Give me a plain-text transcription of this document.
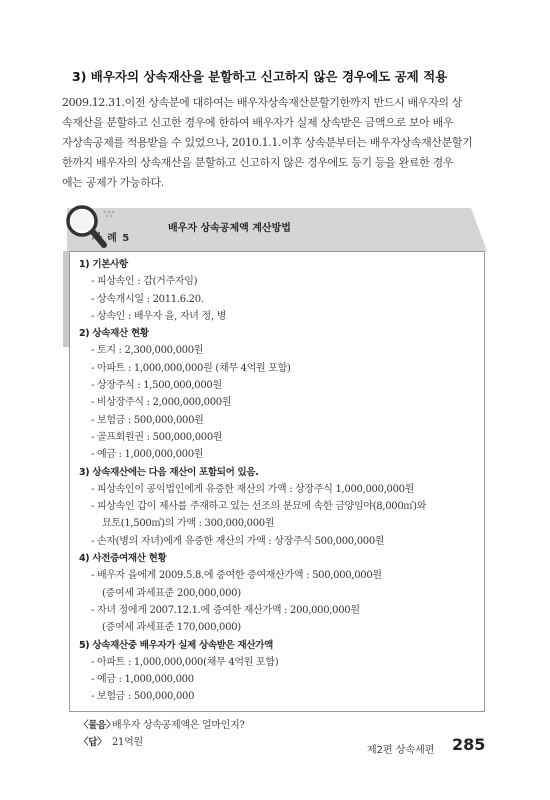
3) 배우자의 상속재산을 분할하고 신고하지 않은 경우에도 공제 적용
2009.12.31.이전 상속분에 대하여는 배우자상속재산분할기한까지 반드시 배우자의 상
속재산을 분할하고 신고한 경우에 한하여 배우자가 실제 상속받은 금액으로 보아 배우
자상속공제를 적용받을 수 있었으나, 2010.1.1.이후 상속분부터는 배우자상속재산분할기
한까지 배우자의 상속재산을 분할하고 신고하지 않은 경우에도 등기 등을 완료한 경우
에는 공제가 가능하다.
사 례 5
배우자 상속공제액 계산방법
1) 기본사항
- 피상속인 : 갑(거주자임)
- 상속개시일 : 2011.6.20.
- 상속인 : 배우자 을, 자녀 정, 병
2) 상속재산 현황
- 토지 : 2,300,000,000원
- 아파트 : 1,000,000,000원 (채무 4억원 포함)
- 상장주식 : 1,500,000,000원
- 비상장주식 : 2,000,000,000원
- 보험금 : 500,000,000원
- 골프회원권 : 500,000,000원
- 예금 : 1,000,000,000원
3) 상속재산에는 다음 재산이 포함되어 있음.
- 피상속인이 공익법인에게 유증한 재산의 가액 : 상장주식 1,000,000,000원
- 피상속인 갑이 제사를 주재하고 있는 선조의 분묘에 속한 금양임야(8,000㎡)와
묘토(1,500㎡)의 가액 : 300,000,000원
- 손자(병의 자녀)에게 유증한 재산의 가액 : 상장주식 500,000,000원
4) 사전증여재산 현황
- 배우자 을에게 2009.5.8.에 증여한 증여재산가액 : 500,000,000원
(증여세 과세표준 200,000,000)
- 자녀 정에게 2007.12.1.에 증여한 재산가액 : 200,000,000원
(증여세 과세표준 170,000,000)
5) 상속재산중 배우자가 실제 상속받은 재산가액
- 아파트 : 1,000,000,000(채무 4억원 포함)
- 예금 : 1,000,000,000
- 보험금 : 500,000,000
〈물음〉배우자 상속공제액은 얼마인지?
〈답〉 21억원
제2편 상속세편 285
